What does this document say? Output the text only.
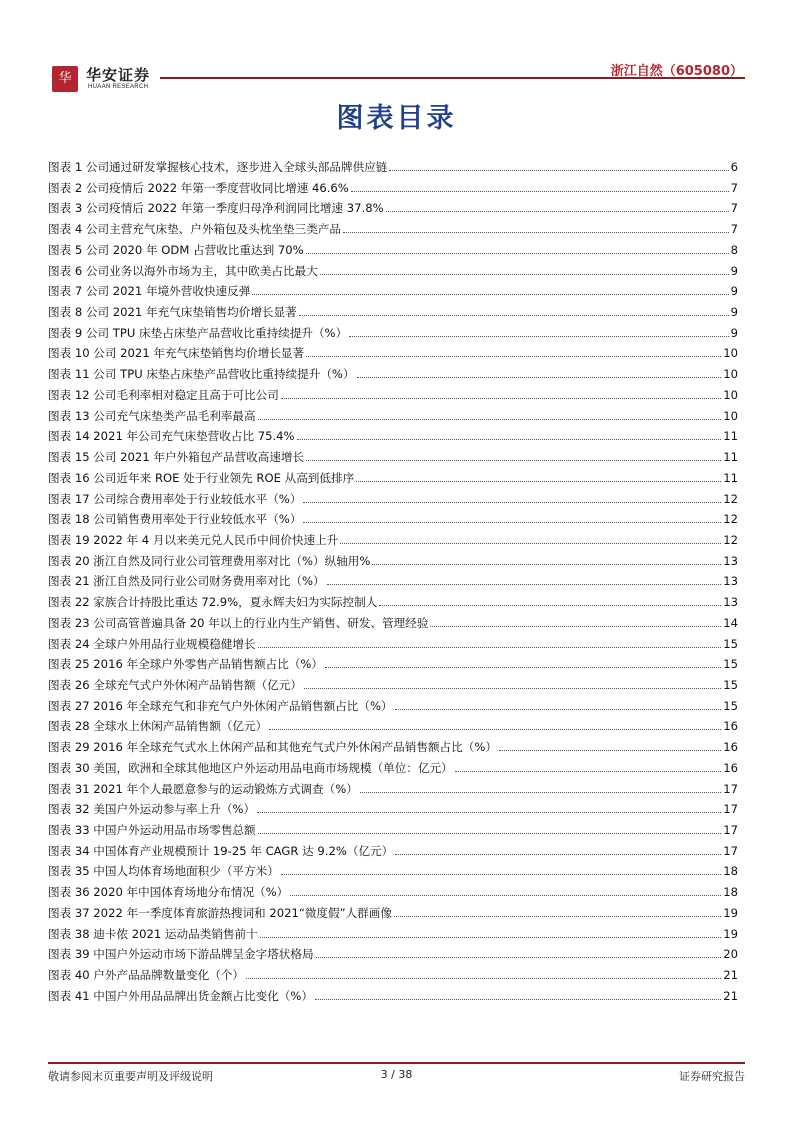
华 华安证券
HUAAN RESEARCH
浙江自然（605080）
图表目录
图表 1 公司通过研发掌握核心技术，逐步进入全球头部品牌供应链	6
图表 2 公司疫情后 2022 年第一季度营收同比增速 46.6%	7
图表 3 公司疫情后 2022 年第一季度归母净利润同比增速 37.8%	7
图表 4 公司主营充气床垫、户外箱包及头枕坐垫三类产品	7
图表 5 公司 2020 年 ODM 占营收比重达到 70%	8
图表 6 公司业务以海外市场为主，其中欧美占比最大	9
图表 7 公司 2021 年境外营收快速反弹	9
图表 8 公司 2021 年充气床垫销售均价增长显著	9
图表 9 公司 TPU 床垫占床垫产品营收比重持续提升（%）	9
图表 10 公司 2021 年充气床垫销售均价增长显著	10
图表 11 公司 TPU 床垫占床垫产品营收比重持续提升（%）	10
图表 12 公司毛利率相对稳定且高于可比公司	10
图表 13 公司充气床垫类产品毛利率最高	10
图表 14 2021 年公司充气床垫营收占比 75.4%	11
图表 15 公司 2021 年户外箱包产品营收高速增长	11
图表 16 公司近年来 ROE 处于行业领先 ROE 从高到低排序	11
图表 17 公司综合费用率处于行业较低水平（%）	12
图表 18 公司销售费用率处于行业较低水平（%）	12
图表 19 2022 年 4 月以来美元兑人民币中间价快速上升	12
图表 20 浙江自然及同行业公司管理费用率对比（%）纵轴用%	13
图表 21 浙江自然及同行业公司财务费用率对比（%）	13
图表 22 家族合计持股比重达 72.9%，夏永辉夫妇为实际控制人	13
图表 23 公司高管普遍具备 20 年以上的行业内生产销售、研发、管理经验	14
图表 24 全球户外用品行业规模稳健增长	15
图表 25 2016 年全球户外零售产品销售额占比（%）	15
图表 26 全球充气式户外休闲产品销售额（亿元）	15
图表 27 2016 年全球充气和非充气户外休闲产品销售额占比（%）	15
图表 28 全球水上休闲产品销售额（亿元）	16
图表 29 2016 年全球充气式水上休闲产品和其他充气式户外休闲产品销售额占比（%）	16
图表 30 美国，欧洲和全球其他地区户外运动用品电商市场规模（单位：亿元）	16
图表 31 2021 年个人最愿意参与的运动锻炼方式调查（%）	17
图表 32 美国户外运动参与率上升（%）	17
图表 33 中国户外运动用品市场零售总额	17
图表 34 中国体育产业规模预计 19-25 年 CAGR 达 9.2%（亿元）	17
图表 35 中国人均体育场地面积少（平方米）	18
图表 36 2020 年中国体育场地分布情况（%）	18
图表 37 2022 年一季度体育旅游热搜词和 2021“微度假”人群画像	19
图表 38 迪卡侬 2021 运动品类销售前十	19
图表 39 中国户外运动市场下游品牌呈金字塔状格局	20
图表 40 户外产品品牌数量变化（个）	21
图表 41 中国户外用品品牌出货金额占比变化（%）	21
敬请参阅末页重要声明及评级说明	3 / 38	证券研究报告
